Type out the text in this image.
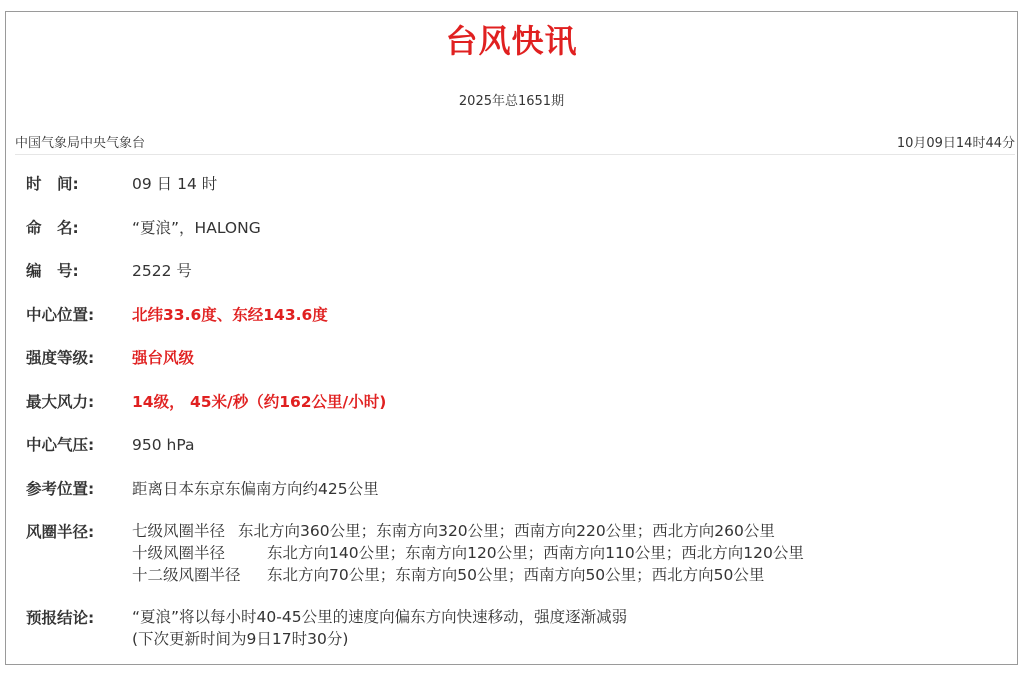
台风快讯
2025年总1651期
中国气象局中央气象台	10月09日14时44分
时　间:	09 日 14 时
命　名:	“夏浪”，HALONG
编　号:	2522 号
中心位置:	北纬33.6度、东经143.6度
强度等级:	强台风级
最大风力:	14级， 45米/秒（约162公里/小时)
中心气压:	950 hPa
参考位置:	距离日本东京东偏南方向约425公里
风圈半径:	七级风圈半径 东北方向360公里；东南方向320公里；西南方向220公里；西北方向260公里
十级风圈半径	东北方向140公里；东南方向120公里；西南方向110公里；西北方向120公里
十二级风圈半径 东北方向70公里；东南方向50公里；西南方向50公里；西北方向50公里
预报结论:	“夏浪”将以每小时40-45公里的速度向偏东方向快速移动，强度逐渐减弱
(下次更新时间为9日17时30分)
